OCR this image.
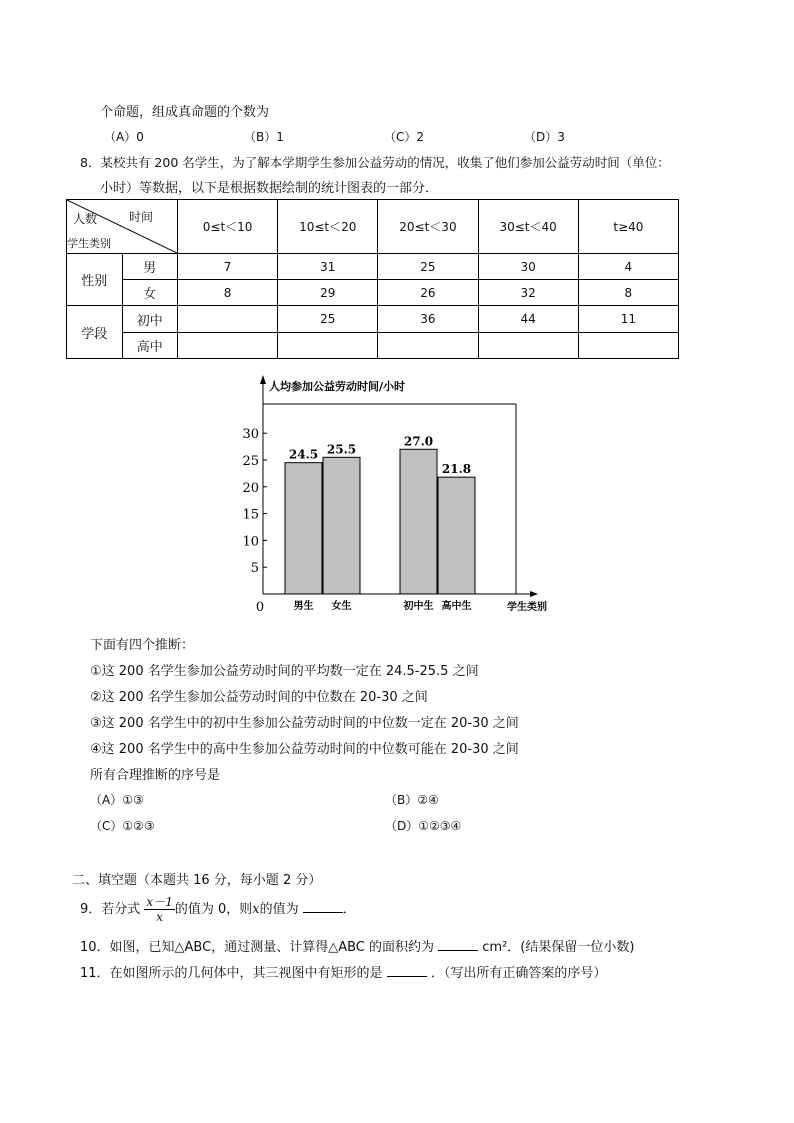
个命题，组成真命题的个数为
（A）0	（B）1	（C）2	（D）3
8．某校共有 200 名学生，为了解本学期学生参加公益劳动的情况，收集了他们参加公益劳动时间（单位：
小时）等数据，以下是根据数据绘制的统计图表的一部分．
时间
人数
学生类别		0≤t＜10	10≤t＜20	20≤t＜30	30≤t＜40	t≥40
性别	男	7	31	25	30	4
	女	8	29	26	32	8
学段	初中		25	36	44	11
	高中					
人均参加公益劳动时间/小时
5
10
15
20
25
30
0
24.5
男生
25.5
女生
27.0
初中生
21.8
高中生	学生类别
下面有四个推断：
①这 200 名学生参加公益劳动时间的平均数一定在 24.5-25.5 之间
②这 200 名学生参加公益劳动时间的中位数在 20-30 之间
③这 200 名学生中的初中生参加公益劳动时间的中位数一定在 20-30 之间
④这 200 名学生中的高中生参加公益劳动时间的中位数可能在 20-30 之间
所有合理推断的序号是
（A）①③	（B）②④
（C）①②③	（D）①②③④
二、填空题（本题共 16 分，每小题 2 分）
9．若分式 $\frac{x-1}{x}$ 的值为 0，则x的值为	．
10．如图，已知△ABC，通过测量、计算得△ABC 的面积约为	cm²．(结果保留一位小数)
11．在如图所示的几何体中，其三视图中有矩形的是	．（写出所有正确答案的序号）
